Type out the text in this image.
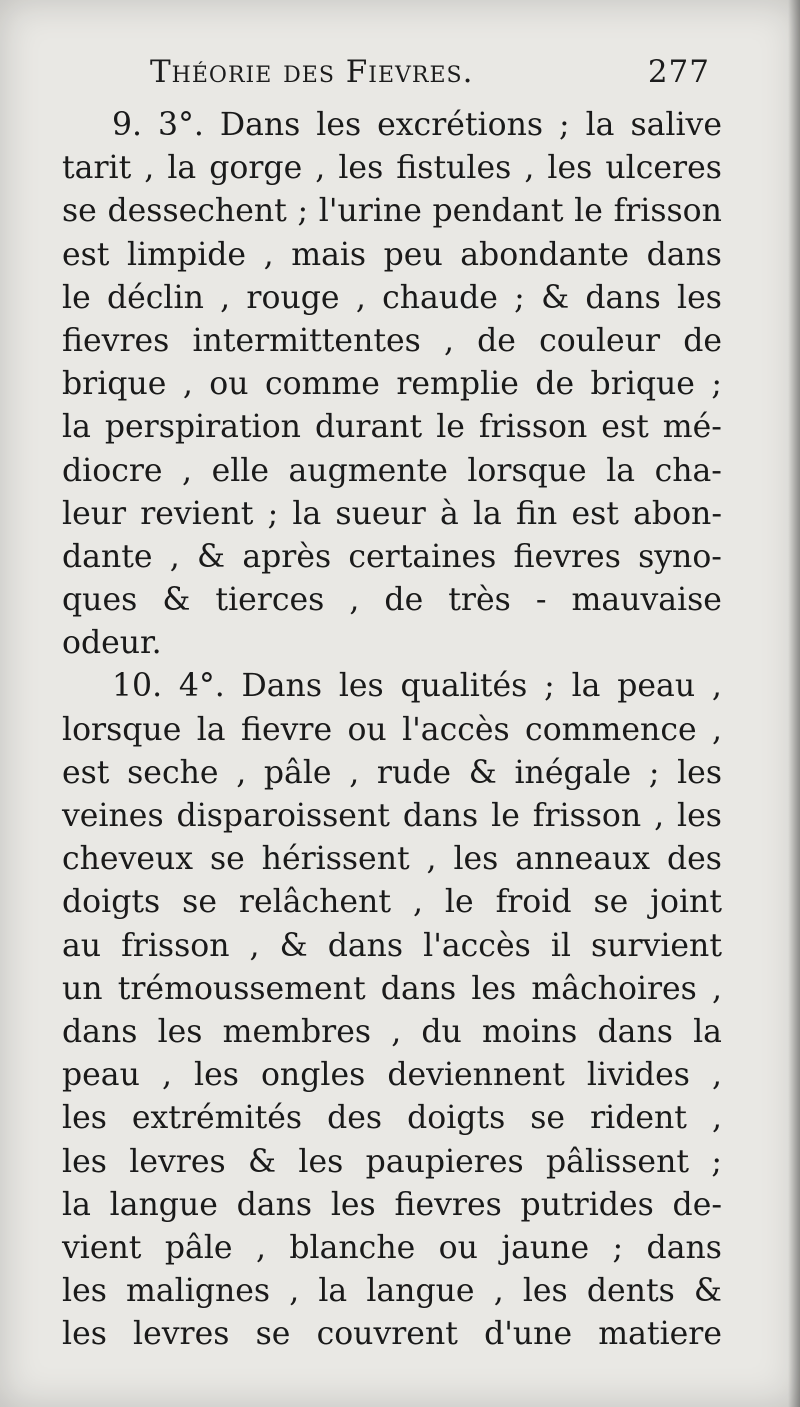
Théorie des Fievres.	277
9. 3°. Dans les excrétions ; la salive
tarit , la gorge , les fistules , les ulceres
se dessechent ; l'urine pendant le frisson
est limpide , mais peu abondante dans
le déclin , rouge , chaude ; & dans les
fievres intermittentes , de couleur de
brique , ou comme remplie de brique ;
la perspiration durant le frisson est mé-
diocre , elle augmente lorsque la cha-
leur revient ; la sueur à la fin est abon-
dante , & après certaines fievres syno-
ques & tierces , de très - mauvaise
odeur.
10. 4°. Dans les qualités ; la peau ,
lorsque la fievre ou l'accès commence ,
est seche , pâle , rude & inégale ; les
veines disparoissent dans le frisson , les
cheveux se hérissent , les anneaux des
doigts se relâchent , le froid se joint
au frisson , & dans l'accès il survient
un trémoussement dans les mâchoires ,
dans les membres , du moins dans la
peau , les ongles deviennent livides ,
les extrémités des doigts se rident ,
les levres & les paupieres pâlissent ;
la langue dans les fievres putrides de-
vient pâle , blanche ou jaune ; dans
les malignes , la langue , les dents &
les levres se couvrent d'une matiere
